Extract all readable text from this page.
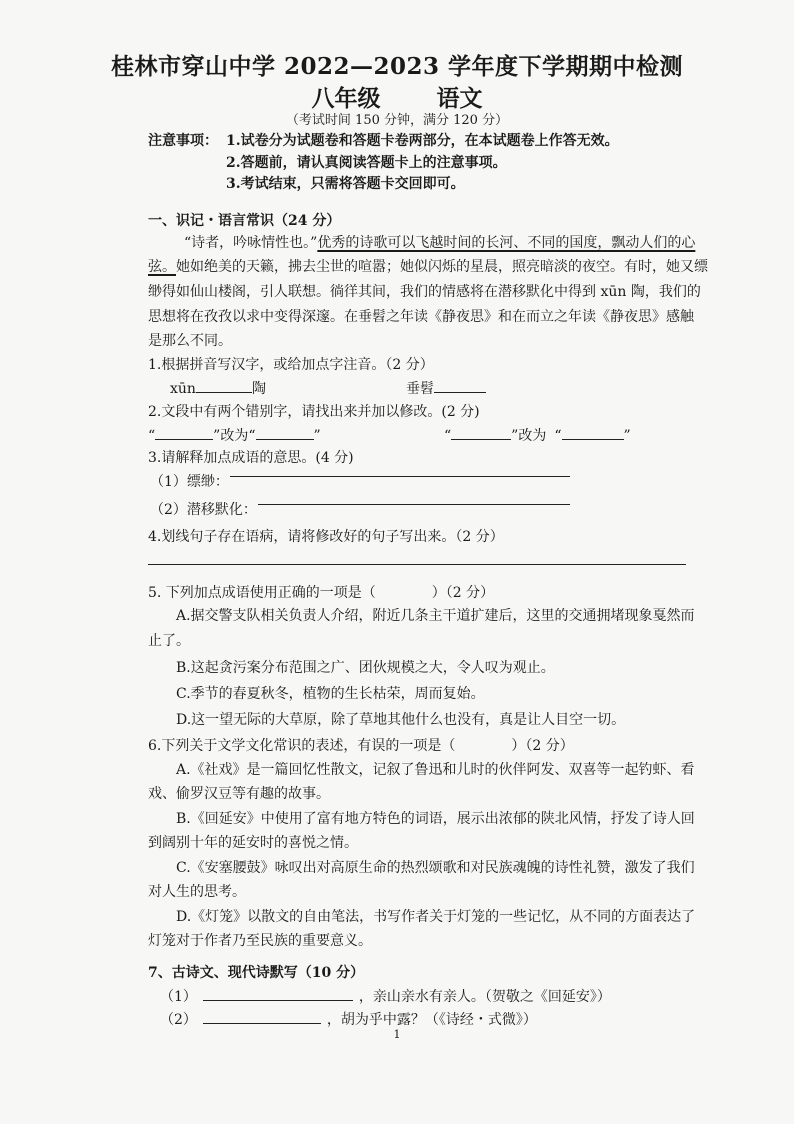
桂林市穿山中学 2022—2023 学年度下学期期中检测
八年级 语文
（考试时间 150 分钟，满分 120 分）
注意事项： 1.试卷分为试题卷和答题卡卷两部分，在本试题卷上作答无效。
2.答题前，请认真阅读答题卡上的注意事项。
3.考试结束，只需将答题卡交回即可。
一、识记・语言常识（24 分）
“诗者，吟咏情性也。”优秀的诗歌可以飞越时间的长河、不同的国度，飘动人们的心
弦。她如绝美的天籁，拂去尘世的喧嚣；她似闪烁的星晨，照亮暗淡的夜空。有时，她又缥
缈得如仙山楼阁，引人联想。徜徉其间，我们的情感将在潜移默化中得到 xūn 陶，我们的
思想将在孜孜以求中变得深邃。在垂髫之年读《静夜思》和在而立之年读《静夜思》感触
是那么不同。
1.根据拼音写汉字，或给加点字注音。（2 分）
xūn	陶	垂髫
2.文段中有两个错别字，请找出来并加以修改。(2 分)
“	”改为“	”	“	”改为 “	”
3.请解释加点成语的意思。(4 分)
（1）缥缈：
（2）潜移默化：
4.划线句子存在语病，请将修改好的句子写出来。（2 分）
5. 下列加点成语使用正确的一项是（　　　　）（2 分）
A.据交警支队相关负责人介绍，附近几条主干道扩建后，这里的交通拥堵现象戛然而
止了。
B.这起贪污案分布范围之广、团伙规模之大，令人叹为观止。
C.季节的春夏秋冬，植物的生长枯荣，周而复始。
D.这一望无际的大草原，除了草地其他什么也没有，真是让人目空一切。
6.下列关于文学文化常识的表述，有误的一项是（　　　　）（2 分）
A.《社戏》是一篇回忆性散文，记叙了鲁迅和儿时的伙伴阿发、双喜等一起钓虾、看
戏、偷罗汉豆等有趣的故事。
B.《回延安》中使用了富有地方特色的词语，展示出浓郁的陕北风情，抒发了诗人回
到阔别十年的延安时的喜悦之情。
C.《安塞腰鼓》咏叹出对高原生命的热烈颂歌和对民族魂魄的诗性礼赞，激发了我们
对人生的思考。
D.《灯笼》以散文的自由笔法，书写作者关于灯笼的一些记忆，从不同的方面表达了
灯笼对于作者乃至民族的重要意义。
7、古诗文、现代诗默写（10 分）
（1）	，亲山亲水有亲人。（贺敬之《回延安》）
（2）	，胡为乎中露？（《诗经・式微》）
1
